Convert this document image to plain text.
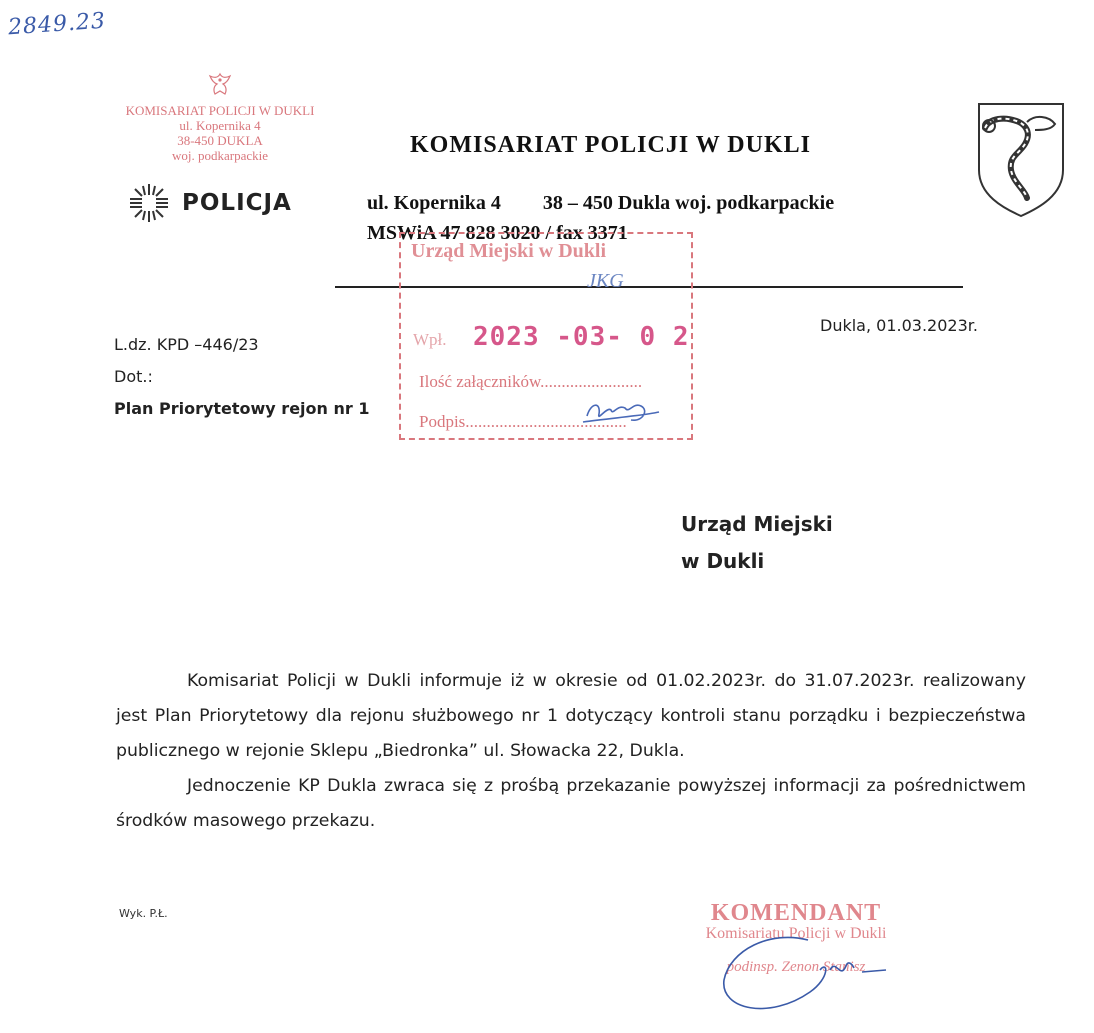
2849.23
KOMISARIAT POLICJI W DUKLI
ul. Kopernika 4
38-450 DUKLA
woj. podkarpackie
POLICJA
KOMISARIAT POLICJI W DUKLI
ul. Kopernika 4 38 – 450 Dukla woj. podkarpackie
MSWiA 47 828 3020 / fax 3371
L.dz. KPD –446/23
Dot.:
Plan Priorytetowy rejon nr 1
Urząd Miejski w Dukli
JKG
Wpł. 2023 -03- 0 2
Ilość załączników........................
Podpis......................................
Dukla, 01.03.2023r.
Urząd Miejski
w Dukli

Komisariat Policji w Dukli informuje iż w okresie od 01.02.2023r. do 31.07.2023r. realizowany jest Plan Priorytetowy dla rejonu służbowego nr 1 dotyczący kontroli stanu porządku i bezpieczeństwa publicznego w rejonie Sklepu „Biedronka” ul. Słowacka 22, Dukla.

Jednoczenie KP Dukla zwraca się z prośbą przekazanie powyższej informacji za pośrednictwem środków masowego przekazu.

Wyk. P.Ł.	KOMENDANT
Komisariatu Policji w Dukli
podinsp. Zenon Stanisz
